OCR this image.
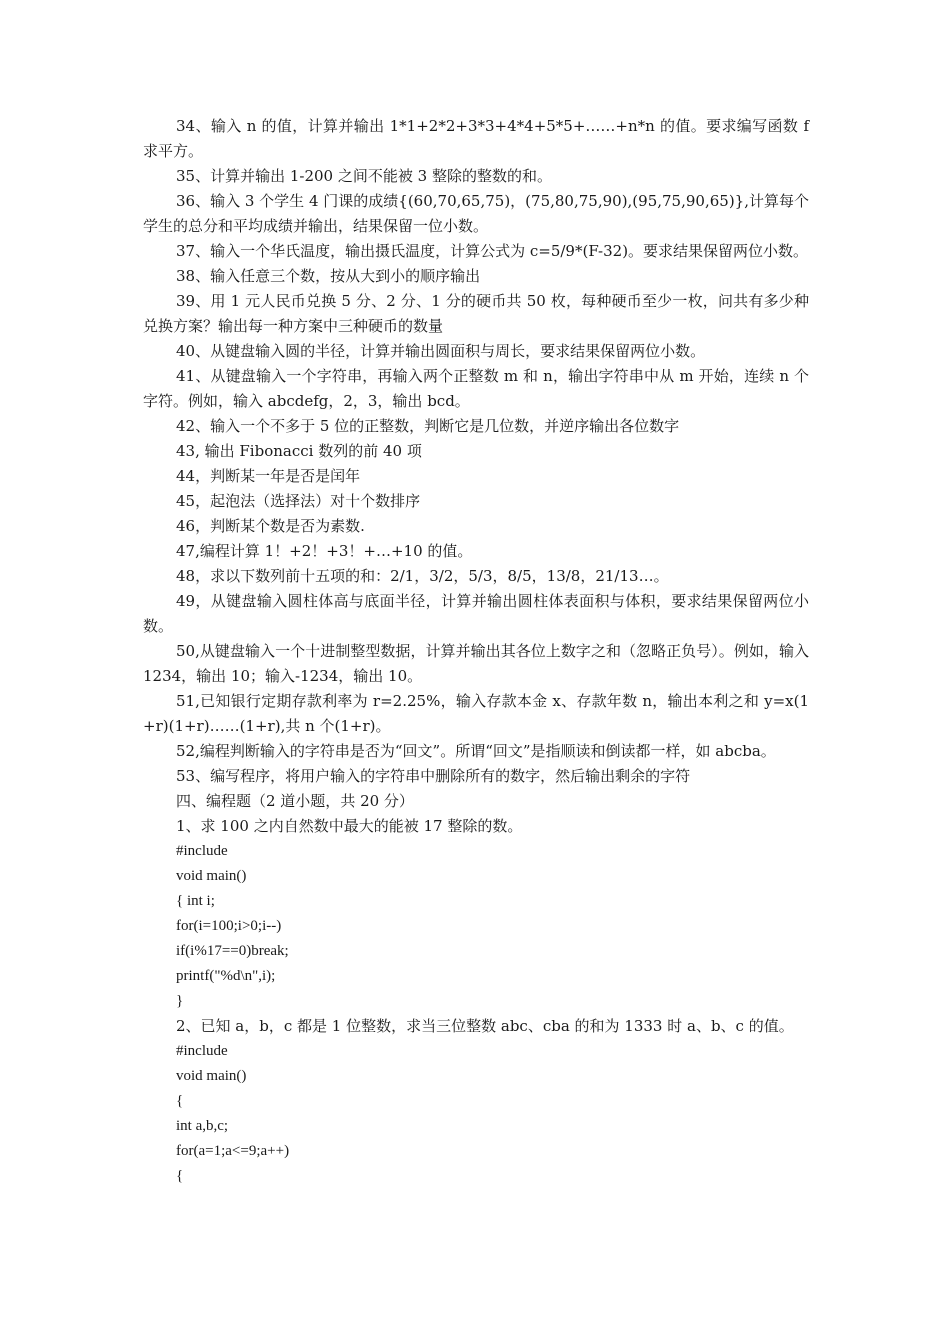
34、输入 n 的值，计算并输出 1*1+2*2+3*3+4*4+5*5+……+n*n 的值。要求编写函数 f 求平方。

35、计算并输出 1-200 之间不能被 3 整除的整数的和。

36、输入 3 个学生 4 门课的成绩{(60,70,65,75)，(75,80,75,90),(95,75,90,65)},计算每个学生的总分和平均成绩并输出，结果保留一位小数。

37、输入一个华氏温度，输出摄氏温度，计算公式为 c=5/9*(F-32)。要求结果保留两位小数。

38、输入任意三个数，按从大到小的顺序输出

39、用 1 元人民币兑换 5 分、2 分、1 分的硬币共 50 枚，每种硬币至少一枚，问共有多少种兑换方案？输出每一种方案中三种硬币的数量

40、从键盘输入圆的半径，计算并输出圆面积与周长，要求结果保留两位小数。

41、从键盘输入一个字符串，再输入两个正整数 m 和 n，输出字符串中从 m 开始，连续 n 个字符。例如，输入 abcdefg，2，3，输出 bcd。

42、输入一个不多于 5 位的正整数，判断它是几位数，并逆序输出各位数字

43, 输出 Fibonacci 数列的前 40 项

44，判断某一年是否是闰年

45，起泡法（选择法）对十个数排序

46，判断某个数是否为素数.

47,编程计算 1！+2！+3！+…+10 的值。

48，求以下数列前十五项的和：2/1，3/2，5/3，8/5，13/8，21/13…。

49，从键盘输入圆柱体高与底面半径，计算并输出圆柱体表面积与体积，要求结果保留两位小数。

50,从键盘输入一个十进制整型数据，计算并输出其各位上数字之和（忽略正负号）。例如，输入 1234，输出 10；输入-1234，输出 10。

51,已知银行定期存款利率为 r=2.25%，输入存款本金 x、存款年数 n，输出本利之和 y=x(1+r)(1+r)……(1+r),共 n 个(1+r)。

52,编程判断输入的字符串是否为“回文”。所谓“回文”是指顺读和倒读都一样，如 abcba。

53、编写程序，将用户输入的字符串中删除所有的数字，然后输出剩余的字符

四、编程题（2 道小题，共 20 分）

1、求 100 之内自然数中最大的能被 17 整除的数。

#include

void main()

{ int i;

for(i=100;i>0;i--)

if(i%17==0)break;

printf("%d\n",i);

}

2、已知 a，b，c 都是 1 位整数，求当三位整数 abc、cba 的和为 1333 时 a、b、c 的值。

#include

void main()

{

int a,b,c;

for(a=1;a<=9;a++)

{
